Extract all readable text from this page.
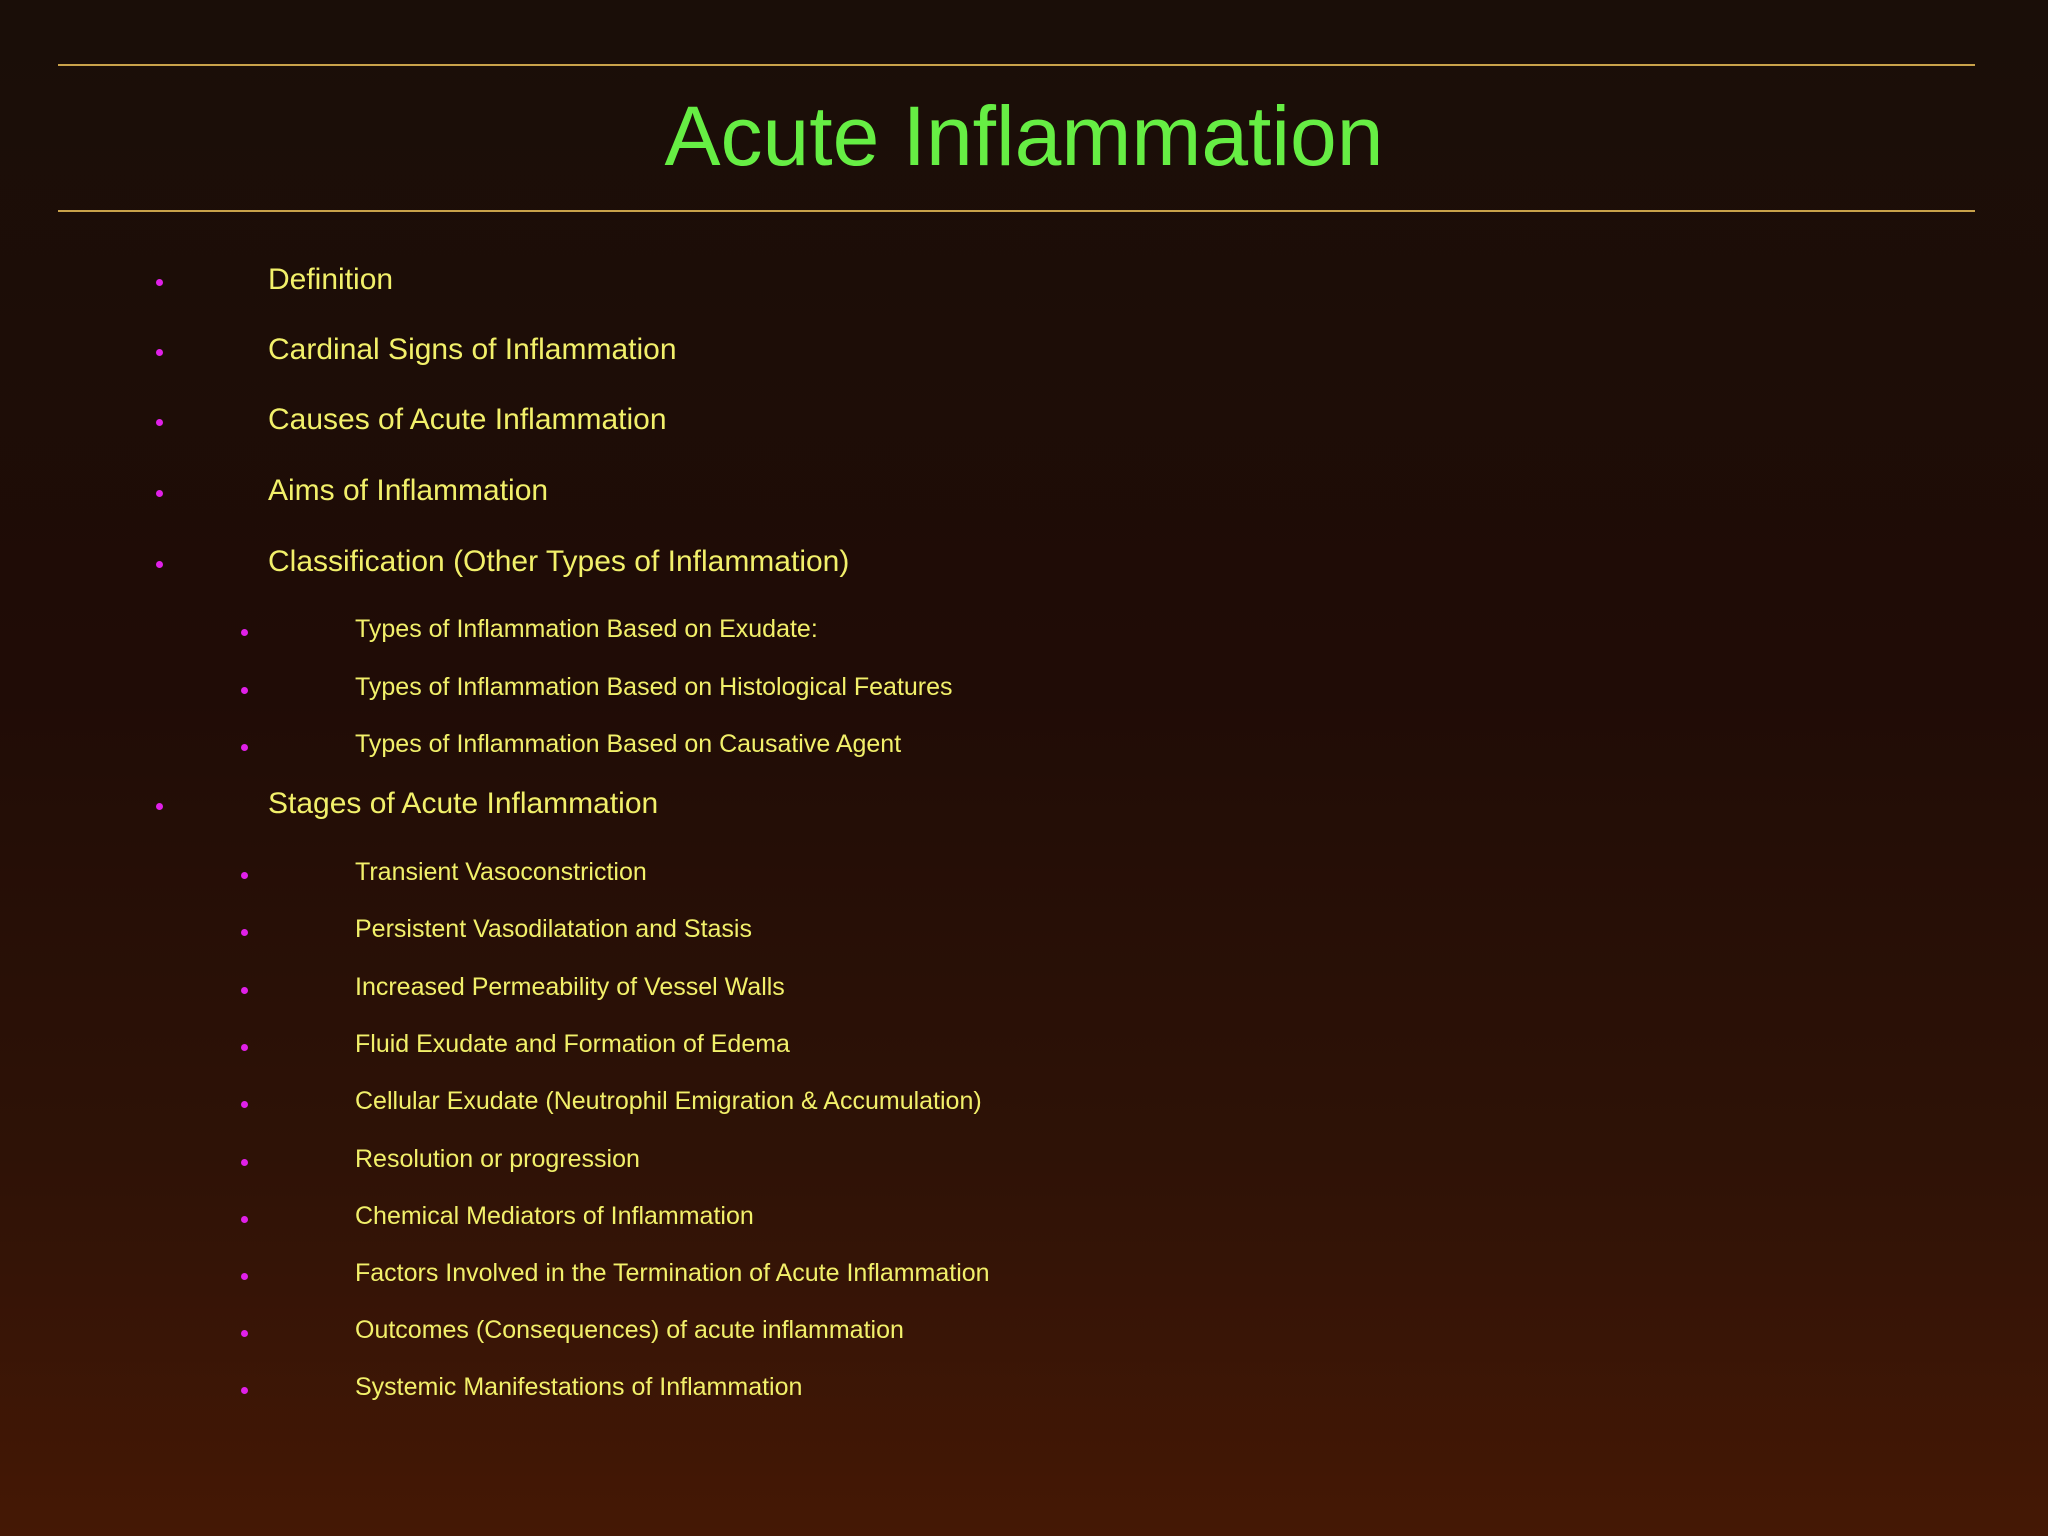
Acute Inflammation
Definition
Cardinal Signs of Inflammation
Causes of Acute Inflammation
Aims of Inflammation
Classification (Other Types of Inflammation)
Types of Inflammation Based on Exudate:
Types of Inflammation Based on Histological Features
Types of Inflammation Based on Causative Agent
Stages of Acute Inflammation
Transient Vasoconstriction
Persistent Vasodilatation and Stasis
Increased Permeability of Vessel Walls
Fluid Exudate and Formation of Edema
Cellular Exudate (Neutrophil Emigration & Accumulation)
Resolution or progression
Chemical Mediators of Inflammation
Factors Involved in the Termination of Acute Inflammation
Outcomes (Consequences) of acute inflammation
Systemic Manifestations of Inflammation
